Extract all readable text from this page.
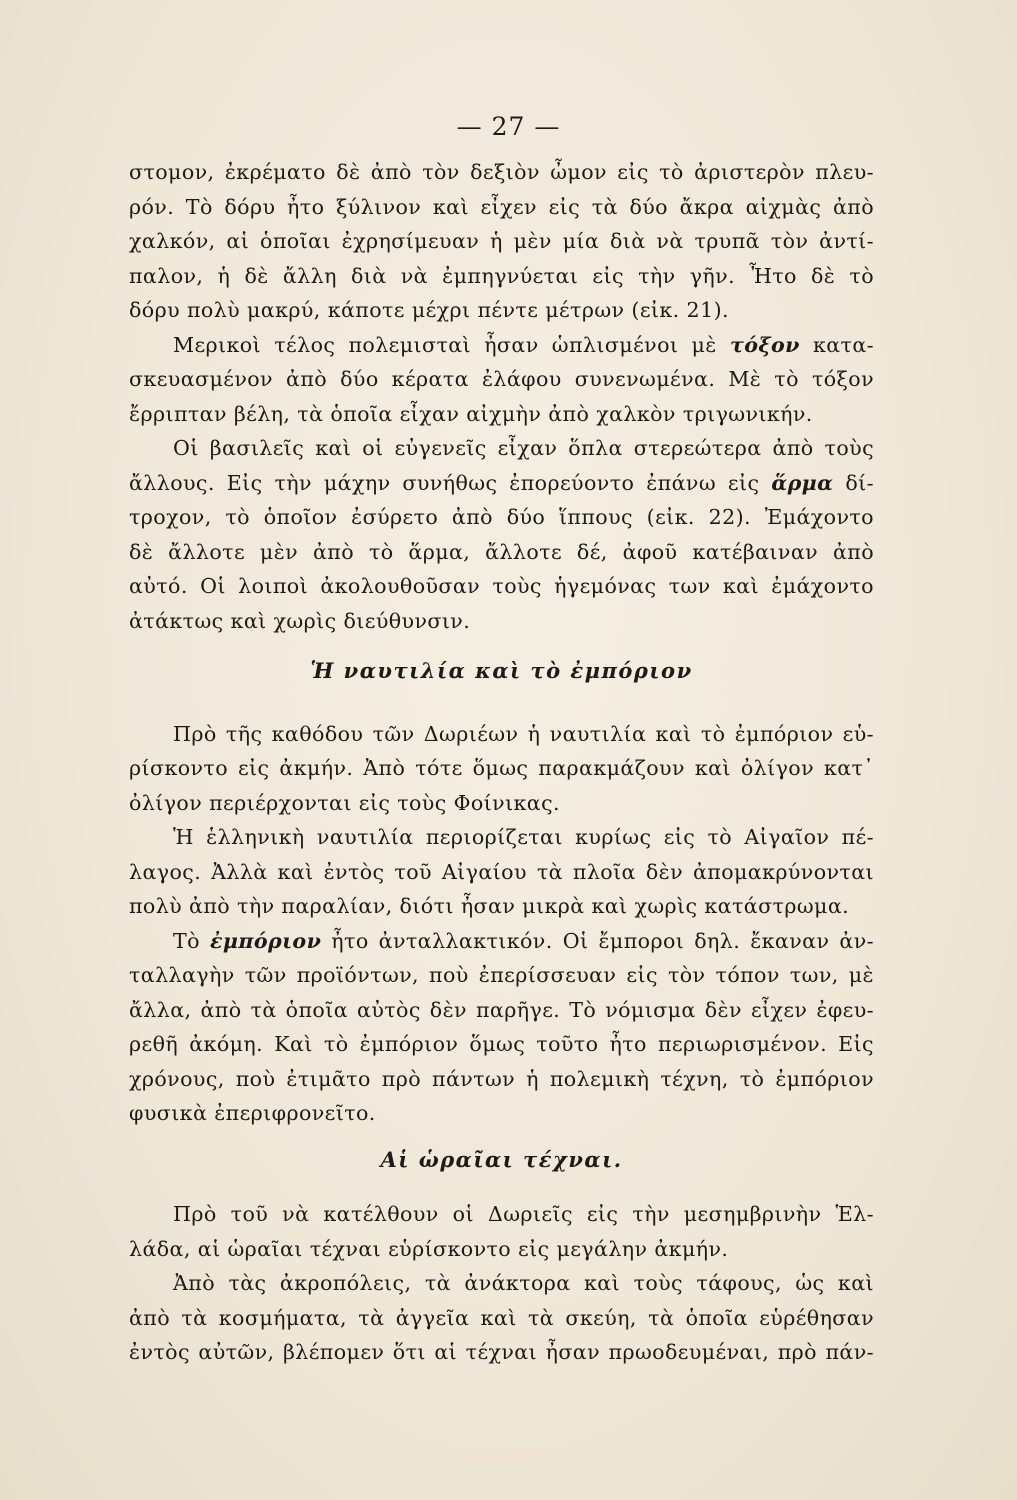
— 27 —
στομον, ἐκρέματο δὲ ἀπὸ τὸν δεξιὸν ὦμον εἰς τὸ ἀριστερὸν πλευ-
ρόν. Τὸ δόρυ ἦτο ξύλινον καὶ εἶχεν εἰς τὰ δύο ἄκρα αἰχμὰς ἀπὸ
χαλκόν, αἱ ὁποῖαι ἐχρησίμευαν ἡ μὲν μία διὰ νὰ τρυπᾶ τὸν ἀντί-
παλον, ἡ δὲ ἄλλη διὰ νὰ ἐμπηγνύεται εἰς τὴν γῆν. Ἦτο δὲ τὸ
δόρυ πολὺ μακρύ, κάποτε μέχρι πέντε μέτρων (εἰκ. 21).
Μερικοὶ τέλος πολεμισταὶ ἦσαν ὡπλισμένοι μὲ τόξον κατα-
σκευασμένον ἀπὸ δύο κέρατα ἐλάφου συνενωμένα. Μὲ τὸ τόξον
ἔρριπταν βέλη, τὰ ὁποῖα εἶχαν αἰχμὴν ἀπὸ χαλκὸν τριγωνικήν.
Οἱ βασιλεῖς καὶ οἱ εὐγενεῖς εἶχαν ὅπλα στερεώτερα ἀπὸ τοὺς
ἄλλους. Εἰς τὴν μάχην συνήθως ἐπορεύοντο ἐπάνω εἰς ἅρμα δί-
τροχον, τὸ ὁποῖον ἐσύρετο ἀπὸ δύο ἵππους (εἰκ. 22). Ἐμάχοντο
δὲ ἄλλοτε μὲν ἀπὸ τὸ ἅρμα, ἄλλοτε δέ, ἀφοῦ κατέβαιναν ἀπὸ
αὐτό. Οἱ λοιποὶ ἀκολουθοῦσαν τοὺς ἡγεμόνας των καὶ ἐμάχοντο
ἀτάκτως καὶ χωρὶς διεύθυνσιν.
Ἡ ναυτιλία καὶ τὸ ἐμπόριον
Πρὸ τῆς καθόδου τῶν Δωριέων ἡ ναυτιλία καὶ τὸ ἐμπόριον εὑ-
ρίσκοντο εἰς ἀκμήν. Ἀπὸ τότε ὅμως παρακμάζουν καὶ ὀλίγον κατ᾽
ὀλίγον περιέρχονται εἰς τοὺς Φοίνικας.
Ἡ ἑλληνικὴ ναυτιλία περιορίζεται κυρίως εἰς τὸ Αἰγαῖον πέ-
λαγος. Ἀλλὰ καὶ ἐντὸς τοῦ Αἰγαίου τὰ πλοῖα δὲν ἀπομακρύνονται
πολὺ ἀπὸ τὴν παραλίαν, διότι ἦσαν μικρὰ καὶ χωρὶς κατάστρωμα.
Τὸ ἐμπόριον ἦτο ἀνταλλακτικόν. Οἱ ἔμποροι δηλ. ἔκαναν ἀν-
ταλλαγὴν τῶν προϊόντων, ποὺ ἐπερίσσευαν εἰς τὸν τόπον των, μὲ
ἄλλα, ἀπὸ τὰ ὁποῖα αὐτὸς δὲν παρῆγε. Τὸ νόμισμα δὲν εἶχεν ἐφευ-
ρεθῆ ἀκόμη. Καὶ τὸ ἐμπόριον ὅμως τοῦτο ἦτο περιωρισμένον. Εἰς
χρόνους, ποὺ ἐτιμᾶτο πρὸ πάντων ἡ πολεμικὴ τέχνη, τὸ ἐμπόριον
φυσικὰ ἐπεριφρονεῖτο.
Αἱ ὡραῖαι τέχναι.
Πρὸ τοῦ νὰ κατέλθουν οἱ Δωριεῖς εἰς τὴν μεσημβρινὴν Ἑλ-
λάδα, αἱ ὡραῖαι τέχναι εὑρίσκοντο εἰς μεγάλην ἀκμήν.
Ἀπὸ τὰς ἀκροπόλεις, τὰ ἀνάκτορα καὶ τοὺς τάφους, ὡς καὶ
ἀπὸ τὰ κοσμήματα, τὰ ἀγγεῖα καὶ τὰ σκεύη, τὰ ὁποῖα εὑρέθησαν
ἐντὸς αὐτῶν, βλέπομεν ὅτι αἱ τέχναι ἦσαν πρωοδευμέναι, πρὸ πάν-
